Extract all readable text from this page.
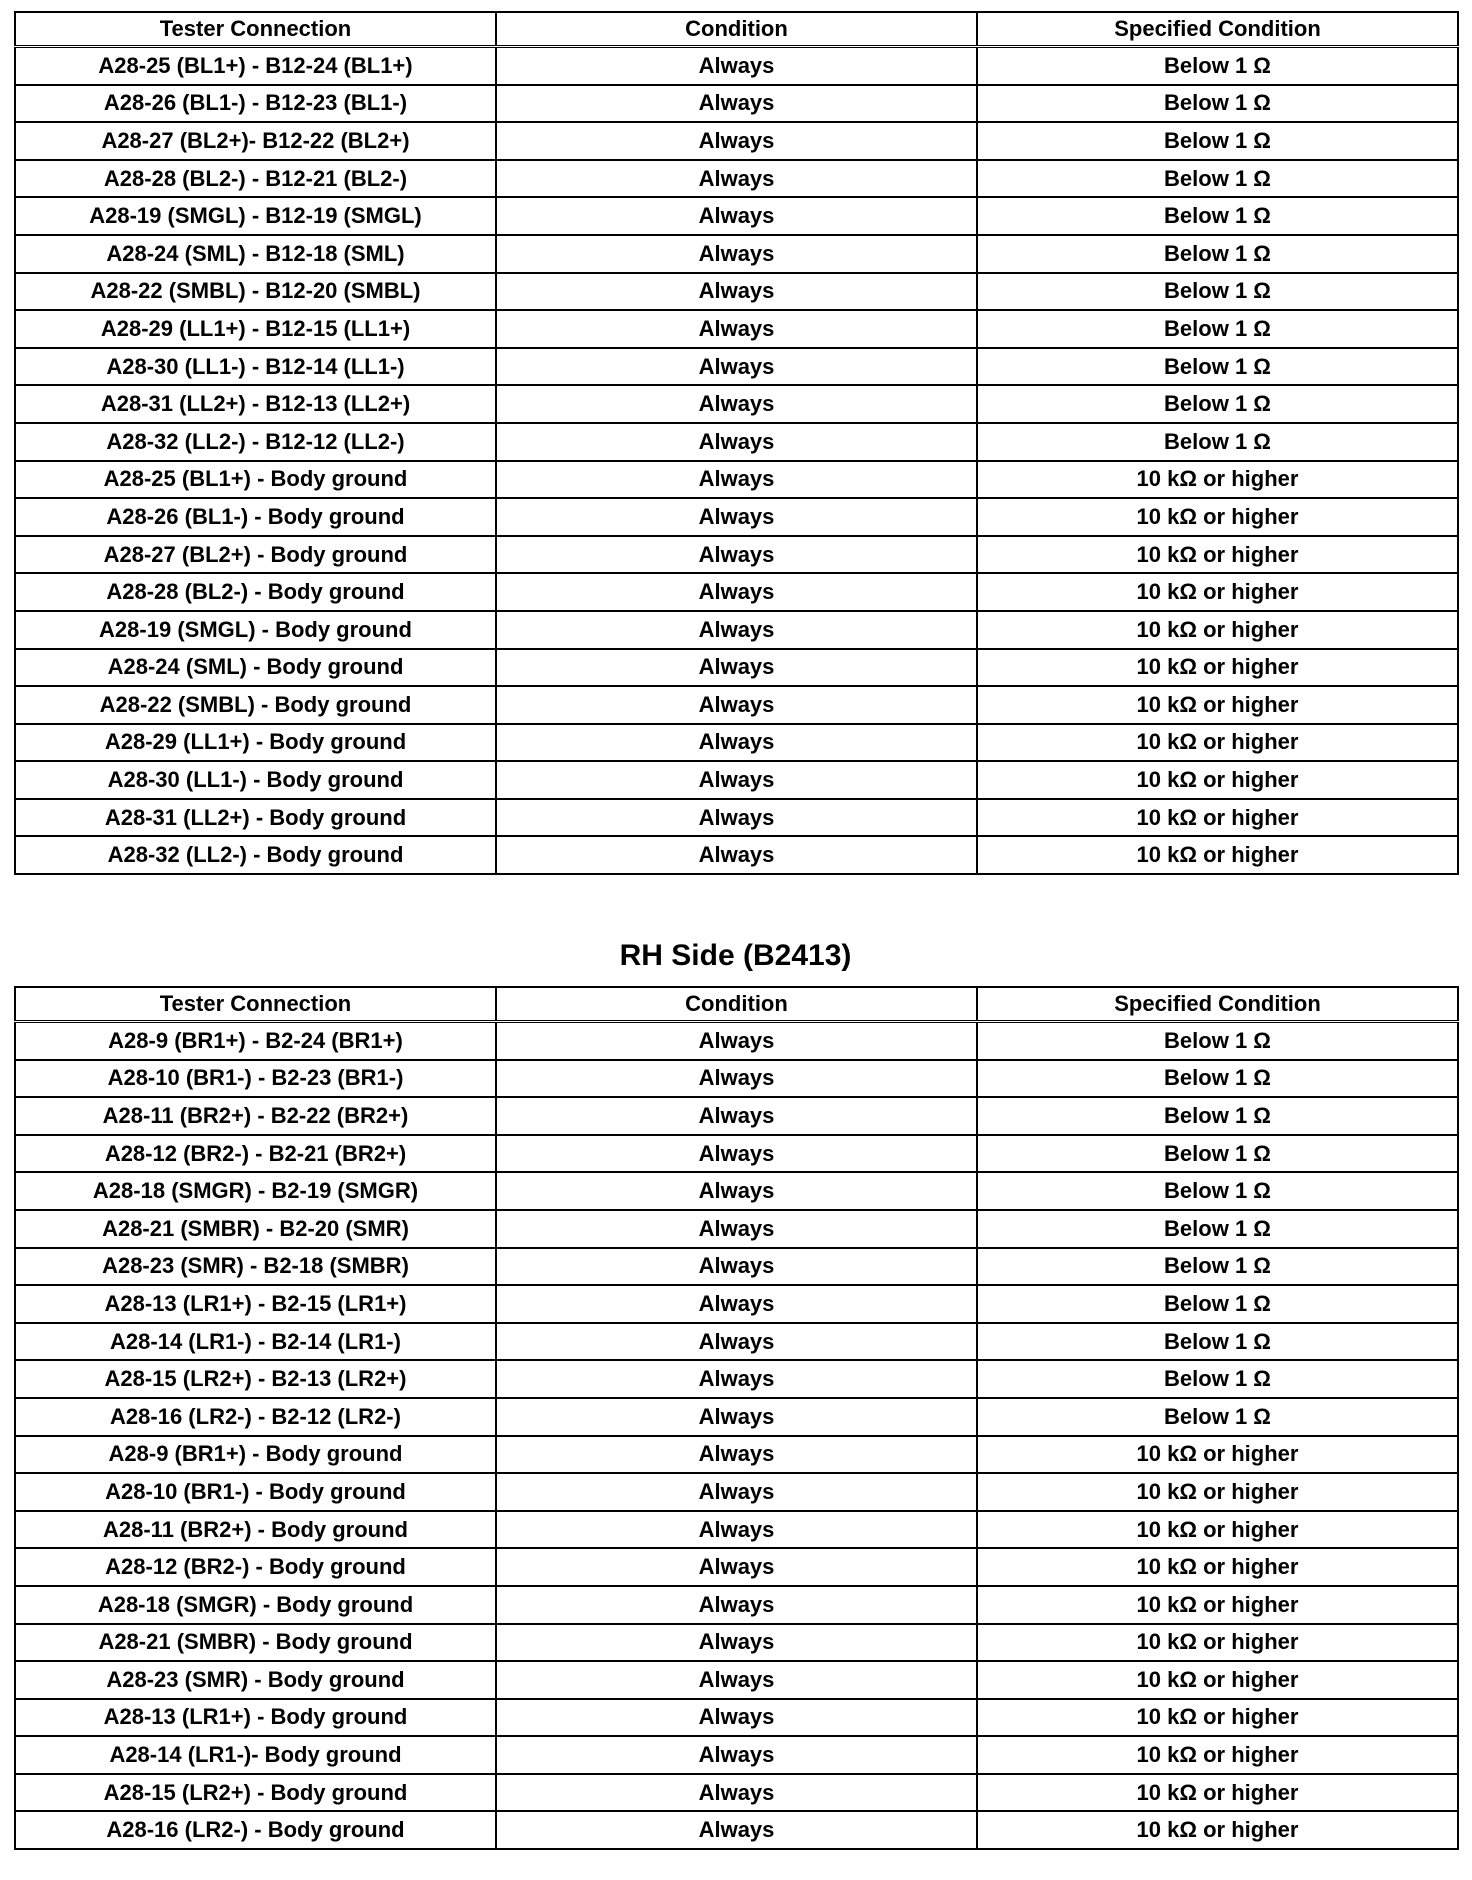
Tester Connection	Condition	Specified Condition
A28-25 (BL1+) - B12-24 (BL1+)	Always	Below 1 Ω
A28-26 (BL1-) - B12-23 (BL1-)	Always	Below 1 Ω
A28-27 (BL2+)- B12-22 (BL2+)	Always	Below 1 Ω
A28-28 (BL2-) - B12-21 (BL2-)	Always	Below 1 Ω
A28-19 (SMGL) - B12-19 (SMGL)	Always	Below 1 Ω
A28-24 (SML) - B12-18 (SML)	Always	Below 1 Ω
A28-22 (SMBL) - B12-20 (SMBL)	Always	Below 1 Ω
A28-29 (LL1+) - B12-15 (LL1+)	Always	Below 1 Ω
A28-30 (LL1-) - B12-14 (LL1-)	Always	Below 1 Ω
A28-31 (LL2+) - B12-13 (LL2+)	Always	Below 1 Ω
A28-32 (LL2-) - B12-12 (LL2-)	Always	Below 1 Ω
A28-25 (BL1+) - Body ground	Always	10 kΩ or higher
A28-26 (BL1-) - Body ground	Always	10 kΩ or higher
A28-27 (BL2+) - Body ground	Always	10 kΩ or higher
A28-28 (BL2-) - Body ground	Always	10 kΩ or higher
A28-19 (SMGL) - Body ground	Always	10 kΩ or higher
A28-24 (SML) - Body ground	Always	10 kΩ or higher
A28-22 (SMBL) - Body ground	Always	10 kΩ or higher
A28-29 (LL1+) - Body ground	Always	10 kΩ or higher
A28-30 (LL1-) - Body ground	Always	10 kΩ or higher
A28-31 (LL2+) - Body ground	Always	10 kΩ or higher
A28-32 (LL2-) - Body ground	Always	10 kΩ or higher
RH Side (B2413)
Tester Connection	Condition	Specified Condition
A28-9 (BR1+) - B2-24 (BR1+)	Always	Below 1 Ω
A28-10 (BR1-) - B2-23 (BR1-)	Always	Below 1 Ω
A28-11 (BR2+) - B2-22 (BR2+)	Always	Below 1 Ω
A28-12 (BR2-) - B2-21 (BR2+)	Always	Below 1 Ω
A28-18 (SMGR) - B2-19 (SMGR)	Always	Below 1 Ω
A28-21 (SMBR) - B2-20 (SMR)	Always	Below 1 Ω
A28-23 (SMR) - B2-18 (SMBR)	Always	Below 1 Ω
A28-13 (LR1+) - B2-15 (LR1+)	Always	Below 1 Ω
A28-14 (LR1-) - B2-14 (LR1-)	Always	Below 1 Ω
A28-15 (LR2+) - B2-13 (LR2+)	Always	Below 1 Ω
A28-16 (LR2-) - B2-12 (LR2-)	Always	Below 1 Ω
A28-9 (BR1+) - Body ground	Always	10 kΩ or higher
A28-10 (BR1-) - Body ground	Always	10 kΩ or higher
A28-11 (BR2+) - Body ground	Always	10 kΩ or higher
A28-12 (BR2-) - Body ground	Always	10 kΩ or higher
A28-18 (SMGR) - Body ground	Always	10 kΩ or higher
A28-21 (SMBR) - Body ground	Always	10 kΩ or higher
A28-23 (SMR) - Body ground	Always	10 kΩ or higher
A28-13 (LR1+) - Body ground	Always	10 kΩ or higher
A28-14 (LR1-)- Body ground	Always	10 kΩ or higher
A28-15 (LR2+) - Body ground	Always	10 kΩ or higher
A28-16 (LR2-) - Body ground	Always	10 kΩ or higher
